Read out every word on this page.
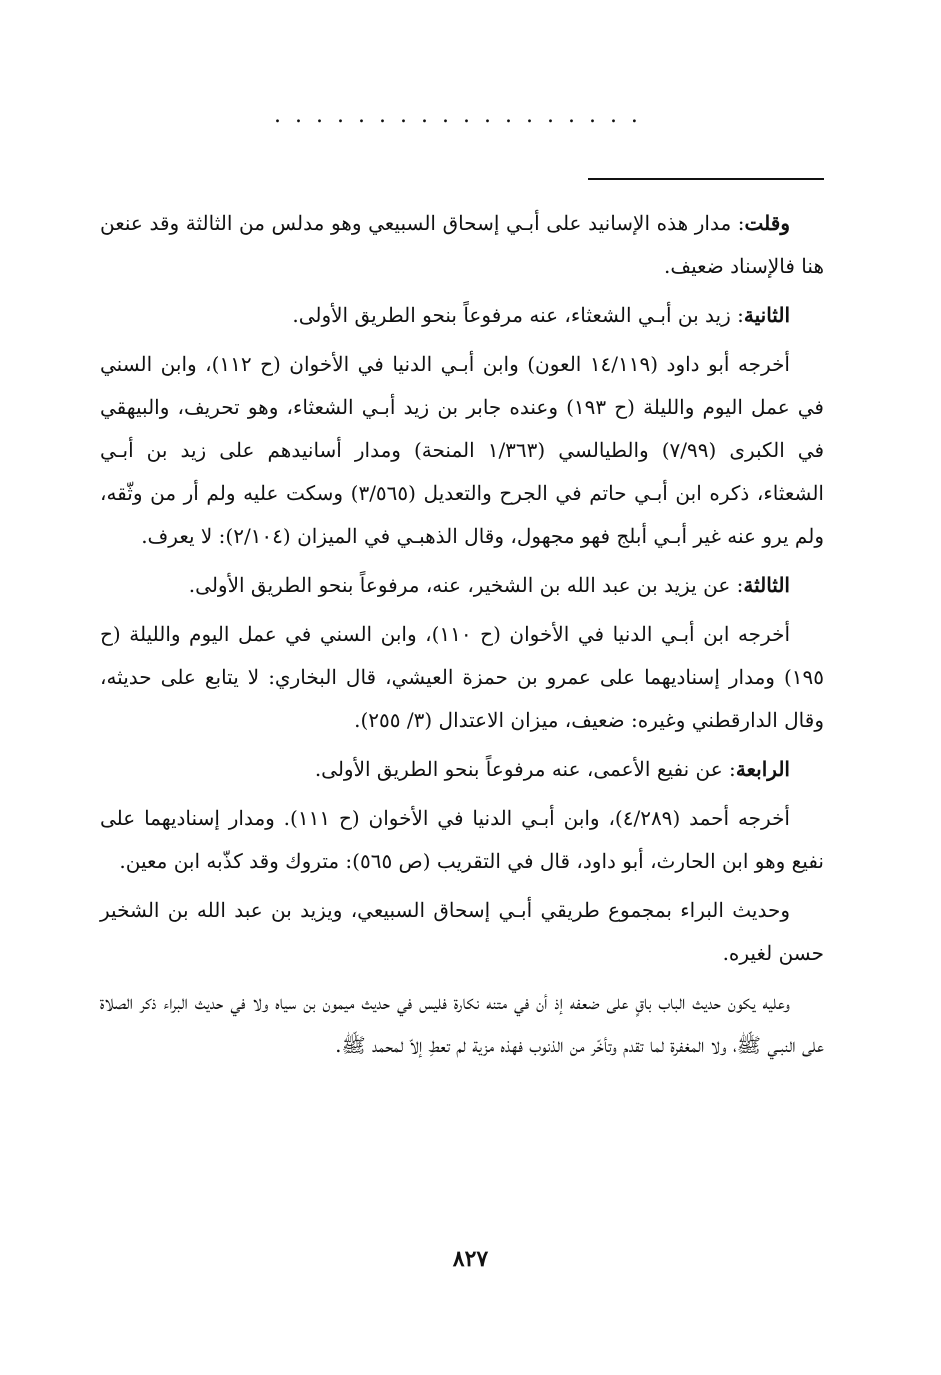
..................

وقلت: مدار هذه الإسانيد على أبـي إسحاق السبيعي وهو مدلس من الثالثة وقد عنعن هنا فالإسناد ضعيف.

الثانية: زيد بن أبـي الشعثاء، عنه مرفوعاً بنحو الطريق الأولى.

أخرجه أبو داود (١٤/١١٩ العون) وابن أبـي الدنيا في الأخوان (ح ١١٢)، وابن السني في عمل اليوم والليلة (ح ١٩٣) وعنده جابر بن زيد أبـي الشعثاء، وهو تحريف، والبيهقي في الكبرى (٧/٩٩) والطيالسي (١/٣٦٣ المنحة) ومدار أسانيدهم على زيد بن أبـي الشعثاء، ذكره ابن أبـي حاتم في الجرح والتعديل (٣/٥٦٥) وسكت عليه ولم أر من وثّقه، ولم يرو عنه غير أبـي أبلج فهو مجهول، وقال الذهبـي في الميزان (٢/١٠٤): لا يعرف.

الثالثة: عن يزيد بن عبد الله بن الشخير، عنه، مرفوعاً بنحو الطريق الأولى.

أخرجه ابن أبـي الدنيا في الأخوان (ح ١١٠)، وابن السني في عمل اليوم والليلة (ح ١٩٥) ومدار إسناديهما على عمرو بن حمزة العيشي، قال البخاري: لا يتابع على حديثه، وقال الدارقطني وغيره: ضعيف، ميزان الاعتدال (٣/ ٢٥٥).

الرابعة: عن نفيع الأعمى، عنه مرفوعاً بنحو الطريق الأولى.

أخرجه أحمد (٤/٢٨٩)، وابن أبـي الدنيا في الأخوان (ح ١١١). ومدار إسناديهما على نفيع وهو ابن الحارث، أبو داود، قال في التقريب (ص ٥٦٥): متروك وقد كذّبه ابن معين.

وحديث البراء بمجموع طريقي أبـي إسحاق السبيعي، ويزيد بن عبد الله بن الشخير حسن لغيره.

وعليه يكون حديث الباب باقٍ على ضعفه إذ أن في متنه نكارة فليس في حديث ميمون بن سياه ولا في حديث البراء ذكر الصلاة على النبـي ﷺ، ولا المغفرة لما تقدم وتأخّر من الذنوب فهذه مزية لم تعطِ إلاّ لمحمد ﷺ.

٨٢٧
